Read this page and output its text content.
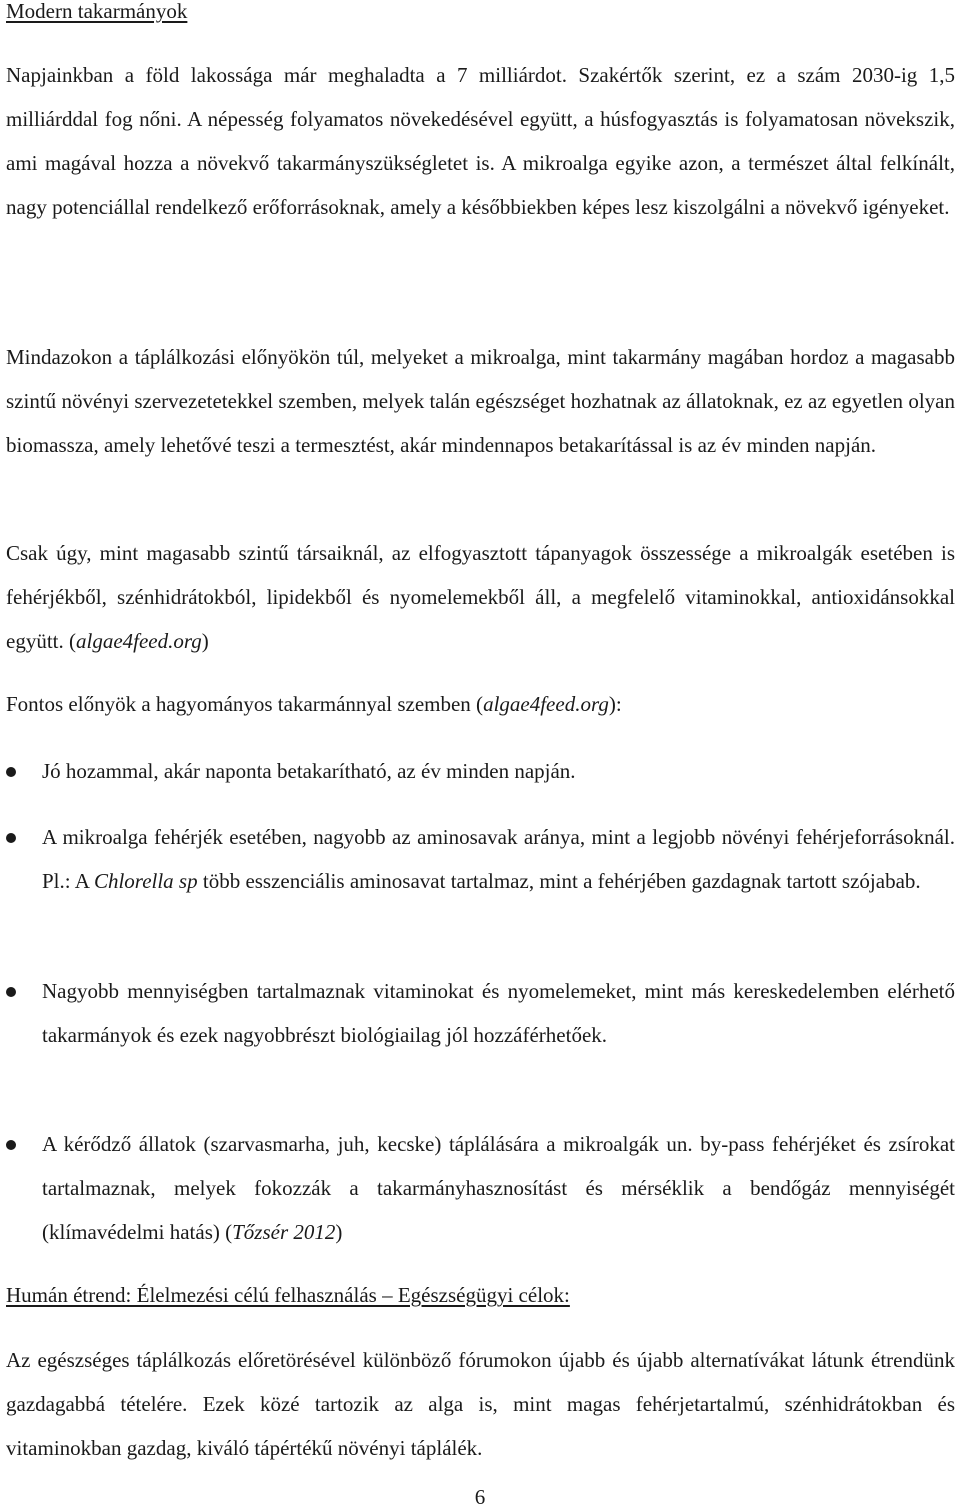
Modern takarmányok

Napjainkban a föld lakossága már meghaladta a 7 milliárdot. Szakértők szerint, ez a szám 2030-ig 1,5 milliárddal fog nőni. A népesség folyamatos növekedésével együtt, a húsfogyasztás is folyamatosan növekszik, ami magával hozza a növekvő takarmányszükségletet is. A mikroalga egyike azon, a természet által felkínált, nagy potenciállal rendelkező erőforrásoknak, amely a későbbiekben képes lesz kiszolgálni a növekvő igényeket.

Mindazokon a táplálkozási előnyökön túl, melyeket a mikroalga, mint takarmány magában hordoz a magasabb szintű növényi szervezetetekkel szemben, melyek talán egészséget hozhatnak az állatoknak, ez az egyetlen olyan biomassza, amely lehetővé teszi a termesztést, akár mindennapos betakarítással is az év minden napján.

Csak úgy, mint magasabb szintű társaiknál, az elfogyasztott tápanyagok összessége a mikroalgák esetében is fehérjékből, szénhidrátokból, lipidekből és nyomelemekből áll, a megfelelő vitaminokkal, antioxidánsokkal együtt. (algae4feed.org)

Fontos előnyök a hagyományos takarmánnyal szemben (algae4feed.org):

Jó hozammal, akár naponta betakarítható, az év minden napján.

A mikroalga fehérjék esetében, nagyobb az aminosavak aránya, mint a legjobb növényi fehérjeforrásoknál. Pl.: A Chlorella sp több esszenciális aminosavat tartalmaz, mint a fehérjében gazdagnak tartott szójabab.

Nagyobb mennyiségben tartalmaznak vitaminokat és nyomelemeket, mint más kereskedelemben elérhető takarmányok és ezek nagyobbrészt biológiailag jól hozzáférhetőek.

A kérődző állatok (szarvasmarha, juh, kecske) táplálására a mikroalgák un. by-pass fehérjéket és zsírokat tartalmaznak, melyek fokozzák a takarmányhasznosítást és mérséklik a bendőgáz mennyiségét (klímavédelmi hatás) (Tőzsér 2012)

Humán étrend: Élelmezési célú felhasználás – Egészségügyi célok:

Az egészséges táplálkozás előretörésével különböző fórumokon újabb és újabb alternatívákat látunk étrendünk gazdagabbá tételére. Ezek közé tartozik az alga is, mint magas fehérjetartalmú, szénhidrátokban és vitaminokban gazdag, kiváló tápértékű növényi táplálék.

6
